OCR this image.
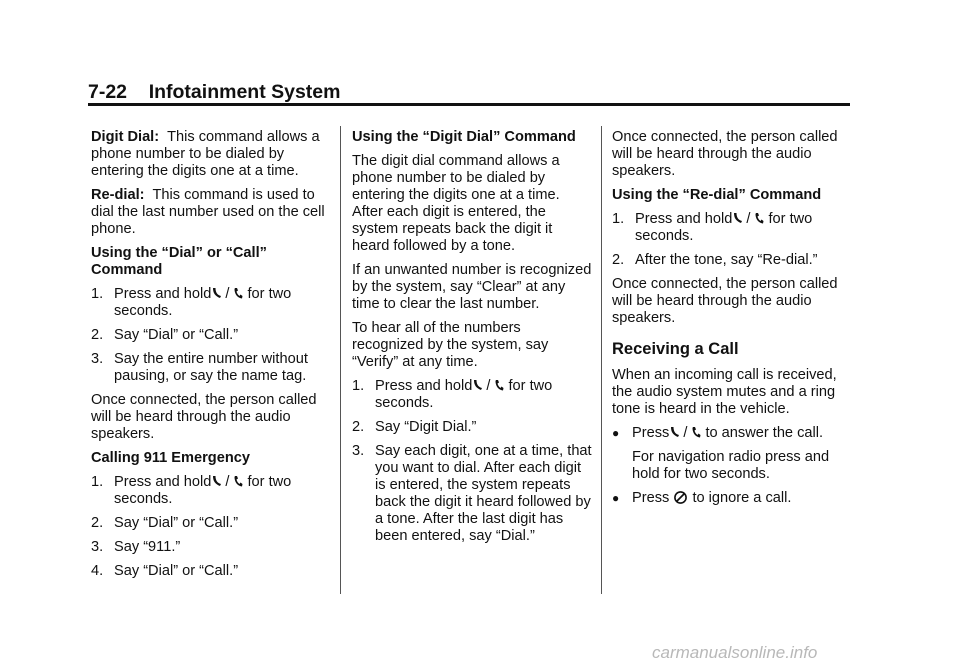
7-22 Infotainment System

Digit Dial: This command allows a phone number to be dialed by entering the digits one at a time.

Re-dial: This command is used to dial the last number used on the cell phone.

Using the “Dial” or “Call” Command

1. Press and hold / for two seconds.
2. Say “Dial” or “Call.”
3. Say the entire number without pausing, or say the name tag.

Once connected, the person called will be heard through the audio speakers.

Calling 911 Emergency

1. Press and hold / for two seconds.
2. Say “Dial” or “Call.”
3. Say “911.”
4. Say “Dial” or “Call.”

Using the “Digit Dial” Command

The digit dial command allows a phone number to be dialed by entering the digits one at a time. After each digit is entered, the system repeats back the digit it heard followed by a tone.

If an unwanted number is recognized by the system, say “Clear” at any time to clear the last number.

To hear all of the numbers recognized by the system, say “Verify” at any time.

1. Press and hold / for two seconds.
2. Say “Digit Dial.”
3. Say each digit, one at a time, that you want to dial. After each digit is entered, the system repeats back the digit it heard followed by a tone. After the last digit has been entered, say “Dial.”

Once connected, the person called will be heard through the audio speakers.

Using the “Re-dial” Command

1. Press and hold / for two seconds.
2. After the tone, say “Re-dial.”

Once connected, the person called will be heard through the audio speakers.

Receiving a Call

When an incoming call is received, the audio system mutes and a ring tone is heard in the vehicle.

● Press / to answer the call.

For navigation radio press and hold for two seconds.

● Press to ignore a call.
carmanualsonline.info
